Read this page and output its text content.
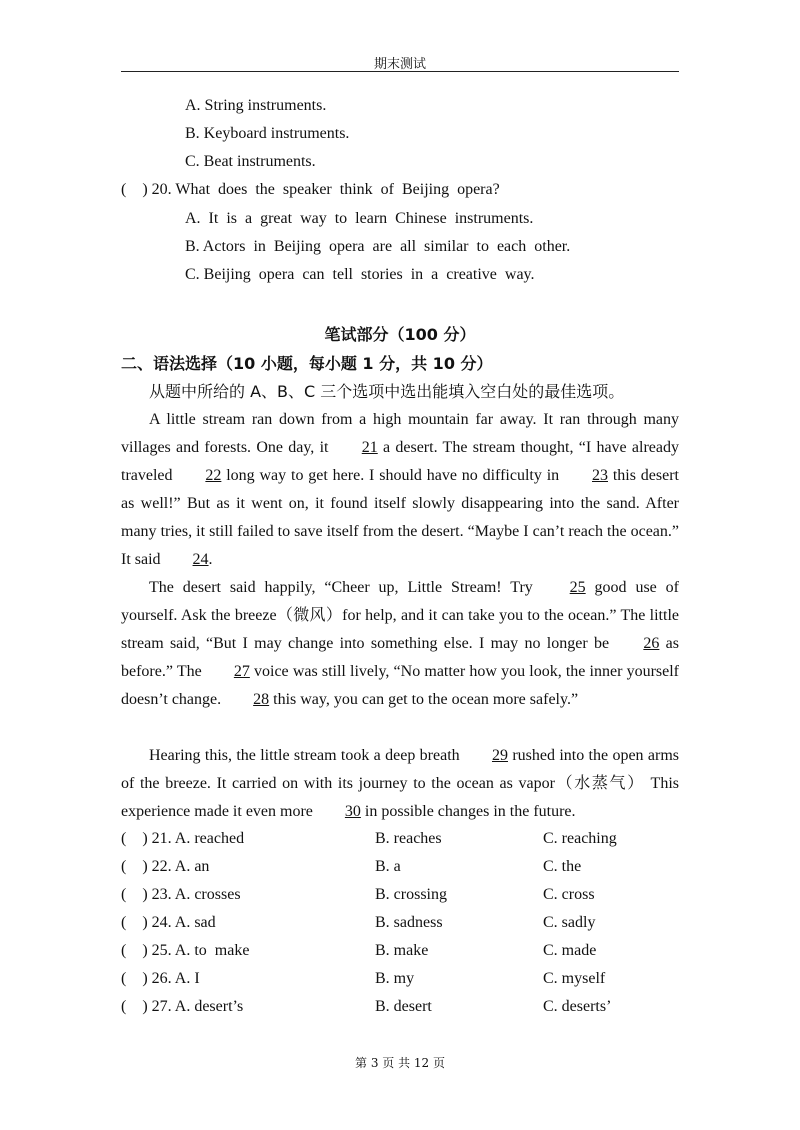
期末测试
A. String instruments.
B. Keyboard instruments.
C. Beat instruments.
(    ) 20. What  does  the  speaker  think  of  Beijing  opera?
A.  It  is  a  great  way  to  learn  Chinese  instruments.
B. Actors  in  Beijing  opera  are  all  similar  to  each  other.
C. Beijing  opera  can  tell  stories  in  a  creative  way.
笔试部分（100 分）
二、语法选择（10 小题，每小题 1 分，共 10 分）
从题中所给的 A、B、C 三个选项中选出能填入空白处的最佳选项。
A little stream ran down from a high mountain far away. It ran through many villages and forests. One day, it 21 a desert. The stream thought, “I have already traveled 22 long way to get here. I should have no difficulty in 23 this desert as well!” But as it went on, it found itself slowly disappearing into the sand. After many tries, it still failed to save itself from the desert. “Maybe I can’t reach the ocean.” It said 24.
The desert said happily, “Cheer up, Little Stream! Try 25 good use of yourself. Ask the breeze（微风）for help, and it can take you to the ocean.” The little stream said, “But I may change into something else. I may no longer be 26 as before.” The 27 voice was still lively, “No matter how you look, the inner yourself doesn’t change. 28 this way, you can get to the ocean more safely.”
Hearing this, the little stream took a deep breath 29 rushed into the open arms of the breeze. It carried on with its journey to the ocean as vapor（水蒸气） This experience made it even more 30 in possible changes in the future.
(    ) 21. A. reached	B. reaches	C. reaching
(    ) 22. A. an	B. a	C. the
(    ) 23. A. crosses	B. crossing	C. cross
(    ) 24. A. sad	B. sadness	C. sadly
(    ) 25. A. to  make	B. make	C. made
(    ) 26. A. I	B. my	C. myself
(    ) 27. A. desert’s	B. desert	C. deserts’
第 3 页 共 12 页
